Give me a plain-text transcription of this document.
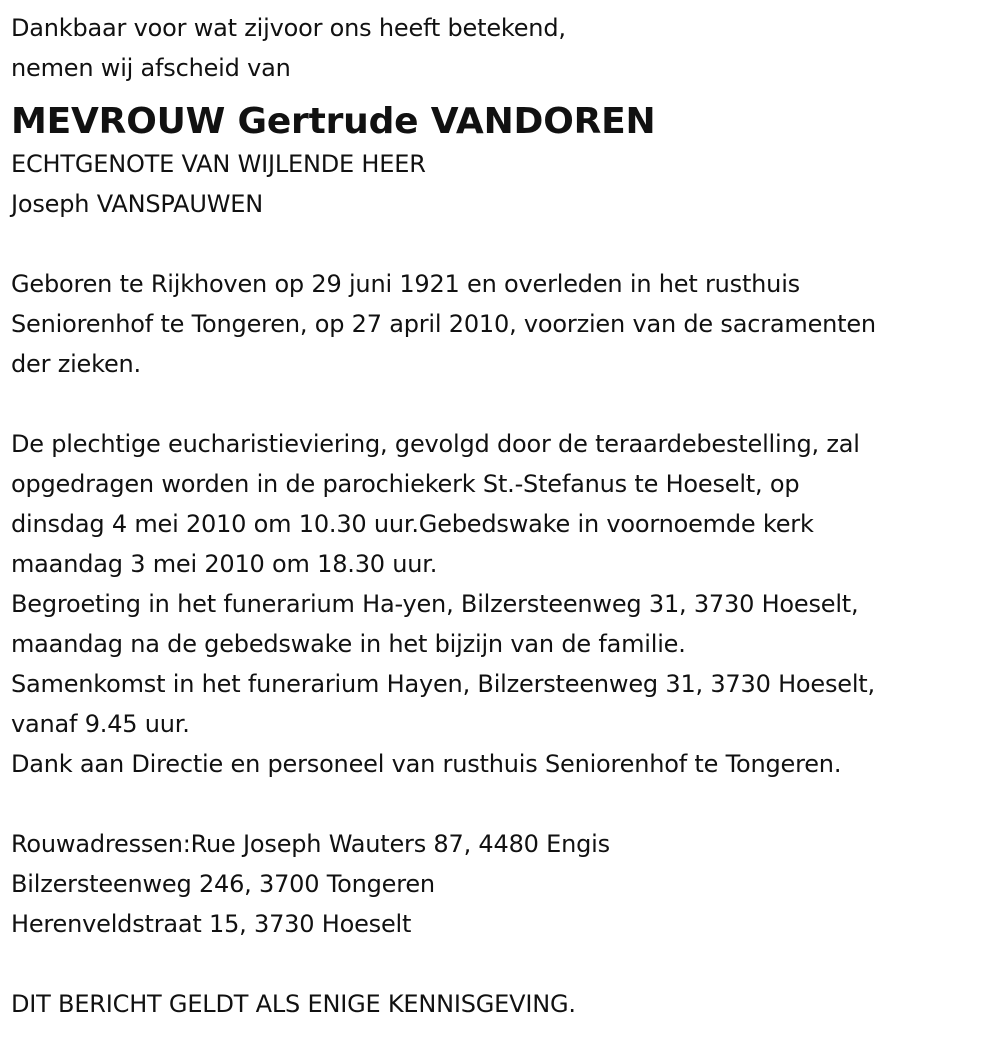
Dankbaar voor wat zijvoor ons heeft betekend,
nemen wij afscheid van
MEVROUW Gertrude VANDOREN
ECHTGENOTE VAN WIJLENDE HEER
Joseph VANSPAUWEN
Geboren te Rijkhoven op 29 juni 1921 en overleden in het rusthuis
Seniorenhof te Tongeren, op 27 april 2010, voorzien van de sacramenten
der zieken.
De plechtige eucharistieviering, gevolgd door de teraardebestelling, zal
opgedragen worden in de parochiekerk St.-Stefanus te Hoeselt, op
dinsdag 4 mei 2010 om 10.30 uur.Gebedswake in voornoemde kerk
maandag 3 mei 2010 om 18.30 uur.
Begroeting in het funerarium Ha-yen, Bilzersteenweg 31, 3730 Hoeselt,
maandag na de gebedswake in het bijzijn van de familie.
Samenkomst in het funerarium Hayen, Bilzersteenweg 31, 3730 Hoeselt,
vanaf 9.45 uur.
Dank aan Directie en personeel van rusthuis Seniorenhof te Tongeren.
Rouwadressen:Rue Joseph Wauters 87, 4480 Engis
Bilzersteenweg 246, 3700 Tongeren
Herenveldstraat 15, 3730 Hoeselt
DIT BERICHT GELDT ALS ENIGE KENNISGEVING.
